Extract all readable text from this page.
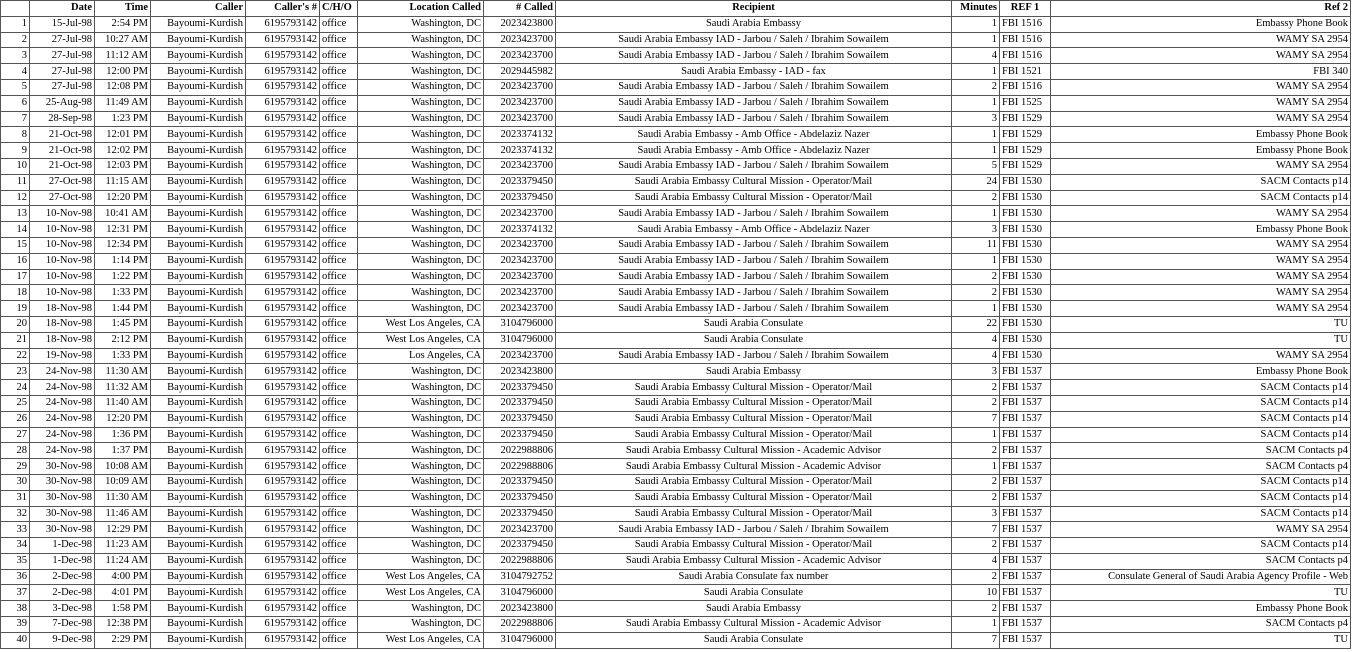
	Date	Time	Caller	Caller's #	C/H/O	Location Called	# Called	Recipient	Minutes	REF 1	Ref 2
1	15-Jul-98	2:54 PM	Bayoumi-Kurdish	6195793142	office	Washington, DC	2023423800	Saudi Arabia Embassy	1	FBI 1516	Embassy Phone Book
2	27-Jul-98	10:27 AM	Bayoumi-Kurdish	6195793142	office	Washington, DC	2023423700	Saudi Arabia Embassy IAD - Jarbou / Saleh / Ibrahim Sowailem	1	FBI 1516	WAMY SA 2954
3	27-Jul-98	11:12 AM	Bayoumi-Kurdish	6195793142	office	Washington, DC	2023423700	Saudi Arabia Embassy IAD - Jarbou / Saleh / Ibrahim Sowailem	4	FBI 1516	WAMY SA 2954
4	27-Jul-98	12:00 PM	Bayoumi-Kurdish	6195793142	office	Washington, DC	2029445982	Saudi Arabia Embassy - IAD - fax	1	FBI 1521	FBI 340
5	27-Jul-98	12:08 PM	Bayoumi-Kurdish	6195793142	office	Washington, DC	2023423700	Saudi Arabia Embassy IAD - Jarbou / Saleh / Ibrahim Sowailem	2	FBI 1516	WAMY SA 2954
6	25-Aug-98	11:49 AM	Bayoumi-Kurdish	6195793142	office	Washington, DC	2023423700	Saudi Arabia Embassy IAD - Jarbou / Saleh / Ibrahim Sowailem	1	FBI 1525	WAMY SA 2954
7	28-Sep-98	1:23 PM	Bayoumi-Kurdish	6195793142	office	Washington, DC	2023423700	Saudi Arabia Embassy IAD - Jarbou / Saleh / Ibrahim Sowailem	3	FBI 1529	WAMY SA 2954
8	21-Oct-98	12:01 PM	Bayoumi-Kurdish	6195793142	office	Washington, DC	2023374132	Saudi Arabia Embassy - Amb Office - Abdelaziz Nazer	1	FBI 1529	Embassy Phone Book
9	21-Oct-98	12:02 PM	Bayoumi-Kurdish	6195793142	office	Washington, DC	2023374132	Saudi Arabia Embassy - Amb Office - Abdelaziz Nazer	1	FBI 1529	Embassy Phone Book
10	21-Oct-98	12:03 PM	Bayoumi-Kurdish	6195793142	office	Washington, DC	2023423700	Saudi Arabia Embassy IAD - Jarbou / Saleh / Ibrahim Sowailem	5	FBI 1529	WAMY SA 2954
11	27-Oct-98	11:15 AM	Bayoumi-Kurdish	6195793142	office	Washington, DC	2023379450	Saudi Arabia Embassy Cultural Mission - Operator/Mail	24	FBI 1530	SACM Contacts p14
12	27-Oct-98	12:20 PM	Bayoumi-Kurdish	6195793142	office	Washington, DC	2023379450	Saudi Arabia Embassy Cultural Mission - Operator/Mail	2	FBI 1530	SACM Contacts p14
13	10-Nov-98	10:41 AM	Bayoumi-Kurdish	6195793142	office	Washington, DC	2023423700	Saudi Arabia Embassy IAD - Jarbou / Saleh / Ibrahim Sowailem	1	FBI 1530	WAMY SA 2954
14	10-Nov-98	12:31 PM	Bayoumi-Kurdish	6195793142	office	Washington, DC	2023374132	Saudi Arabia Embassy - Amb Office - Abdelaziz Nazer	3	FBI 1530	Embassy Phone Book
15	10-Nov-98	12:34 PM	Bayoumi-Kurdish	6195793142	office	Washington, DC	2023423700	Saudi Arabia Embassy IAD - Jarbou / Saleh / Ibrahim Sowailem	11	FBI 1530	WAMY SA 2954
16	10-Nov-98	1:14 PM	Bayoumi-Kurdish	6195793142	office	Washington, DC	2023423700	Saudi Arabia Embassy IAD - Jarbou / Saleh / Ibrahim Sowailem	1	FBI 1530	WAMY SA 2954
17	10-Nov-98	1:22 PM	Bayoumi-Kurdish	6195793142	office	Washington, DC	2023423700	Saudi Arabia Embassy IAD - Jarbou / Saleh / Ibrahim Sowailem	2	FBI 1530	WAMY SA 2954
18	10-Nov-98	1:33 PM	Bayoumi-Kurdish	6195793142	office	Washington, DC	2023423700	Saudi Arabia Embassy IAD - Jarbou / Saleh / Ibrahim Sowailem	2	FBI 1530	WAMY SA 2954
19	18-Nov-98	1:44 PM	Bayoumi-Kurdish	6195793142	office	Washington, DC	2023423700	Saudi Arabia Embassy IAD - Jarbou / Saleh / Ibrahim Sowailem	1	FBI 1530	WAMY SA 2954
20	18-Nov-98	1:45 PM	Bayoumi-Kurdish	6195793142	office	West Los Angeles, CA	3104796000	Saudi Arabia Consulate	22	FBI 1530	TU
21	18-Nov-98	2:12 PM	Bayoumi-Kurdish	6195793142	office	West Los Angeles, CA	3104796000	Saudi Arabia Consulate	4	FBI 1530	TU
22	19-Nov-98	1:33 PM	Bayoumi-Kurdish	6195793142	office	Los Angeles, CA	2023423700	Saudi Arabia Embassy IAD - Jarbou / Saleh / Ibrahim Sowailem	4	FBI 1530	WAMY SA 2954
23	24-Nov-98	11:30 AM	Bayoumi-Kurdish	6195793142	office	Washington, DC	2023423800	Saudi Arabia Embassy	3	FBI 1537	Embassy Phone Book
24	24-Nov-98	11:32 AM	Bayoumi-Kurdish	6195793142	office	Washington, DC	2023379450	Saudi Arabia Embassy Cultural Mission - Operator/Mail	2	FBI 1537	SACM Contacts p14
25	24-Nov-98	11:40 AM	Bayoumi-Kurdish	6195793142	office	Washington, DC	2023379450	Saudi Arabia Embassy Cultural Mission - Operator/Mail	2	FBI 1537	SACM Contacts p14
26	24-Nov-98	12:20 PM	Bayoumi-Kurdish	6195793142	office	Washington, DC	2023379450	Saudi Arabia Embassy Cultural Mission - Operator/Mail	7	FBI 1537	SACM Contacts p14
27	24-Nov-98	1:36 PM	Bayoumi-Kurdish	6195793142	office	Washington, DC	2023379450	Saudi Arabia Embassy Cultural Mission - Operator/Mail	1	FBI 1537	SACM Contacts p14
28	24-Nov-98	1:37 PM	Bayoumi-Kurdish	6195793142	office	Washington, DC	2022988806	Saudi Arabia Embassy Cultural Mission - Academic Advisor	2	FBI 1537	SACM Contacts p4
29	30-Nov-98	10:08 AM	Bayoumi-Kurdish	6195793142	office	Washington, DC	2022988806	Saudi Arabia Embassy Cultural Mission - Academic Advisor	1	FBI 1537	SACM Contacts p4
30	30-Nov-98	10:09 AM	Bayoumi-Kurdish	6195793142	office	Washington, DC	2023379450	Saudi Arabia Embassy Cultural Mission - Operator/Mail	2	FBI 1537	SACM Contacts p14
31	30-Nov-98	11:30 AM	Bayoumi-Kurdish	6195793142	office	Washington, DC	2023379450	Saudi Arabia Embassy Cultural Mission - Operator/Mail	2	FBI 1537	SACM Contacts p14
32	30-Nov-98	11:46 AM	Bayoumi-Kurdish	6195793142	office	Washington, DC	2023379450	Saudi Arabia Embassy Cultural Mission - Operator/Mail	3	FBI 1537	SACM Contacts p14
33	30-Nov-98	12:29 PM	Bayoumi-Kurdish	6195793142	office	Washington, DC	2023423700	Saudi Arabia Embassy IAD - Jarbou / Saleh / Ibrahim Sowailem	7	FBI 1537	WAMY SA 2954
34	1-Dec-98	11:23 AM	Bayoumi-Kurdish	6195793142	office	Washington, DC	2023379450	Saudi Arabia Embassy Cultural Mission - Operator/Mail	2	FBI 1537	SACM Contacts p14
35	1-Dec-98	11:24 AM	Bayoumi-Kurdish	6195793142	office	Washington, DC	2022988806	Saudi Arabia Embassy Cultural Mission - Academic Advisor	4	FBI 1537	SACM Contacts p4
36	2-Dec-98	4:00 PM	Bayoumi-Kurdish	6195793142	office	West Los Angeles, CA	3104792752	Saudi Arabia Consulate fax number	2	FBI 1537	Consulate General of Saudi Arabia Agency Profile - Web
37	2-Dec-98	4:01 PM	Bayoumi-Kurdish	6195793142	office	West Los Angeles, CA	3104796000	Saudi Arabia Consulate	10	FBI 1537	TU
38	3-Dec-98	1:58 PM	Bayoumi-Kurdish	6195793142	office	Washington, DC	2023423800	Saudi Arabia Embassy	2	FBI 1537	Embassy Phone Book
39	7-Dec-98	12:38 PM	Bayoumi-Kurdish	6195793142	office	Washington, DC	2022988806	Saudi Arabia Embassy Cultural Mission - Academic Advisor	1	FBI 1537	SACM Contacts p4
40	9-Dec-98	2:29 PM	Bayoumi-Kurdish	6195793142	office	West Los Angeles, CA	3104796000	Saudi Arabia Consulate	7	FBI 1537	TU
